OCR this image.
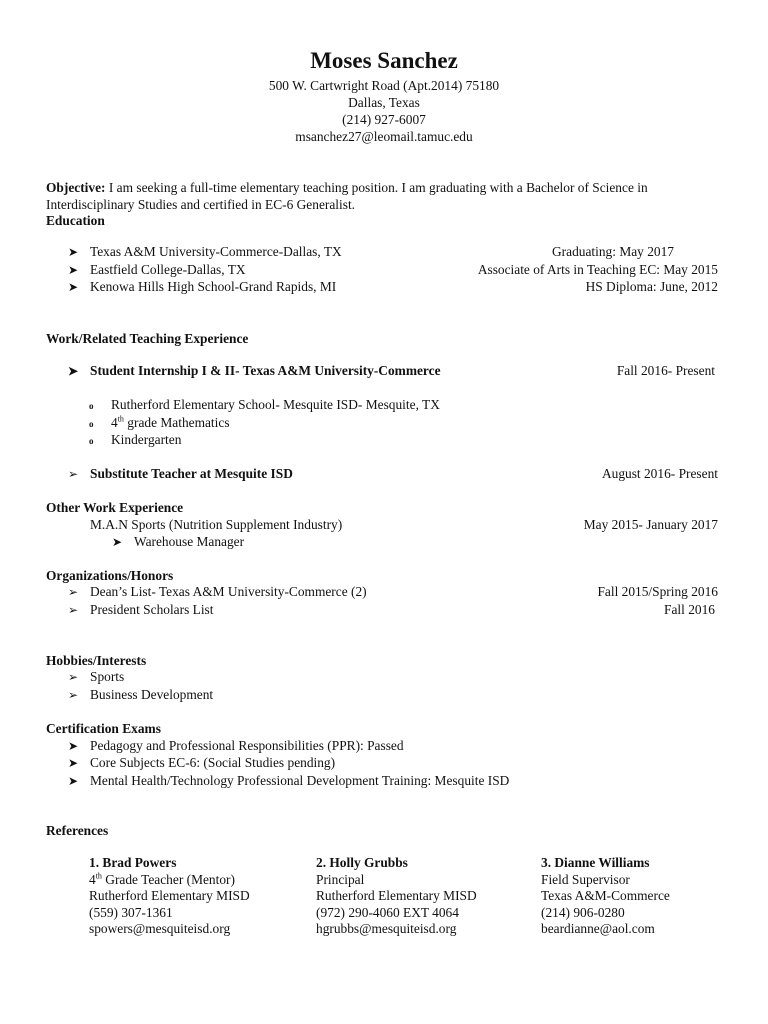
Moses Sanchez
500 W. Cartwright Road (Apt.2014) 75180
Dallas, Texas
(214) 927-6007
msanchez27@leomail.tamuc.edu
Objective: I am seeking a full-time elementary teaching position. I am graduating with a Bachelor of Science in Interdisciplinary Studies and certified in EC-6 Generalist.
Education
➤ Texas A&M University-Commerce-Dallas, TX	Graduating: May 2017
➤ Eastfield College-Dallas, TX	Associate of Arts in Teaching EC: May 2015
➤ Kenowa Hills High School-Grand Rapids, MI	HS Diploma: June, 2012
Work/Related Teaching Experience
➤ Student Internship I & II- Texas A&M University-Commerce	Fall 2016- Present
o Rutherford Elementary School- Mesquite ISD- Mesquite, TX
o 4th grade Mathematics
o Kindergarten
➢ Substitute Teacher at Mesquite ISD	August 2016- Present
Other Work Experience
M.A.N Sports (Nutrition Supplement Industry)	May 2015- January 2017
➤ Warehouse Manager
Organizations/Honors
➢ Dean’s List- Texas A&M University-Commerce (2)	Fall 2015/Spring 2016
➢ President Scholars List	Fall 2016
Hobbies/Interests
➢ Sports
➢ Business Development
Certification Exams
➤ Pedagogy and Professional Responsibilities (PPR): Passed
➤ Core Subjects EC-6: (Social Studies pending)
➤ Mental Health/Technology Professional Development Training: Mesquite ISD
References
1. Brad Powers
4th Grade Teacher (Mentor)
Rutherford Elementary MISD
(559) 307-1361
spowers@mesquiteisd.org
2. Holly Grubbs
Principal
Rutherford Elementary MISD
(972) 290-4060 EXT 4064
hgrubbs@mesquiteisd.org
3. Dianne Williams
Field Supervisor
Texas A&M-Commerce
(214) 906-0280
beardianne@aol.com
